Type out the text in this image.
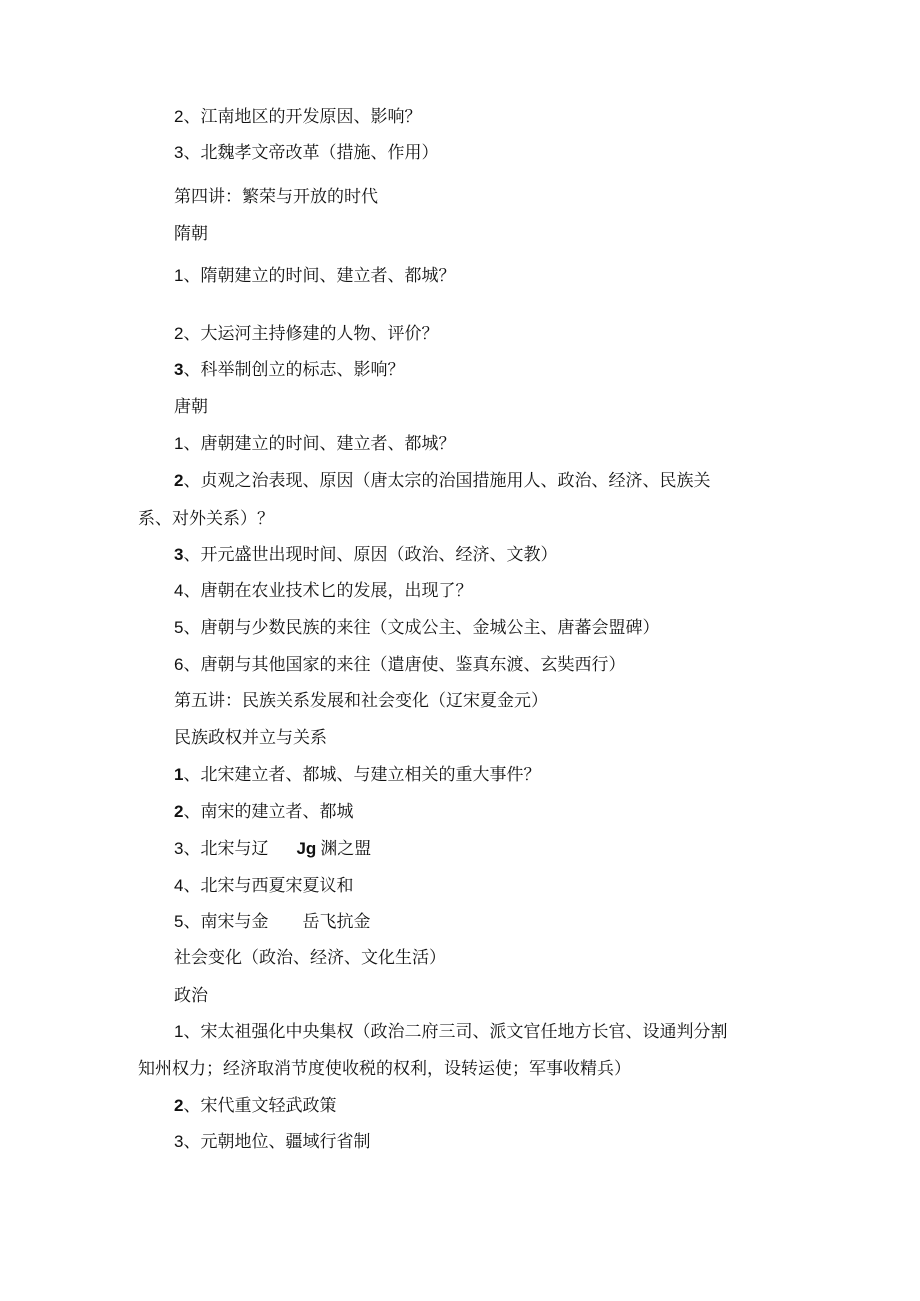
2、江南地区的开发原因、影响？
3、北魏孝文帝改革（措施、作用）
第四讲：繁荣与开放的时代
隋朝
1、隋朝建立的时间、建立者、都城？
2、大运河主持修建的人物、评价？
3、科举制创立的标志、影响？
唐朝
1、唐朝建立的时间、建立者、都城？
2、贞观之治表现、原因（唐太宗的治国措施用人、政治、经济、民族关
系、对外关系）？
3、开元盛世出现时间、原因（政治、经济、文教）
4、唐朝在农业技术匕的发展，出现了？
5、唐朝与少数民族的来往（文成公主、金城公主、唐蕃会盟碑）
6、唐朝与其他国家的来往（遣唐使、鉴真东渡、玄奘西行）
第五讲：民族关系发展和社会变化（辽宋夏金元）
民族政权并立与关系
1、北宋建立者、都城、与建立相关的重大事件？
2、南宋的建立者、都城
3、北宋与辽 Jg 渊之盟
4、北宋与西夏宋夏议和
5、南宋与金 岳飞抗金
社会变化（政治、经济、文化生活）
政治
1、宋太祖强化中央集权（政治二府三司、派文官任地方长官、设通判分割
知州权力；经济取消节度使收税的权利，设转运使；军事收精兵）
2、宋代重文轻武政策
3、元朝地位、疆域行省制
